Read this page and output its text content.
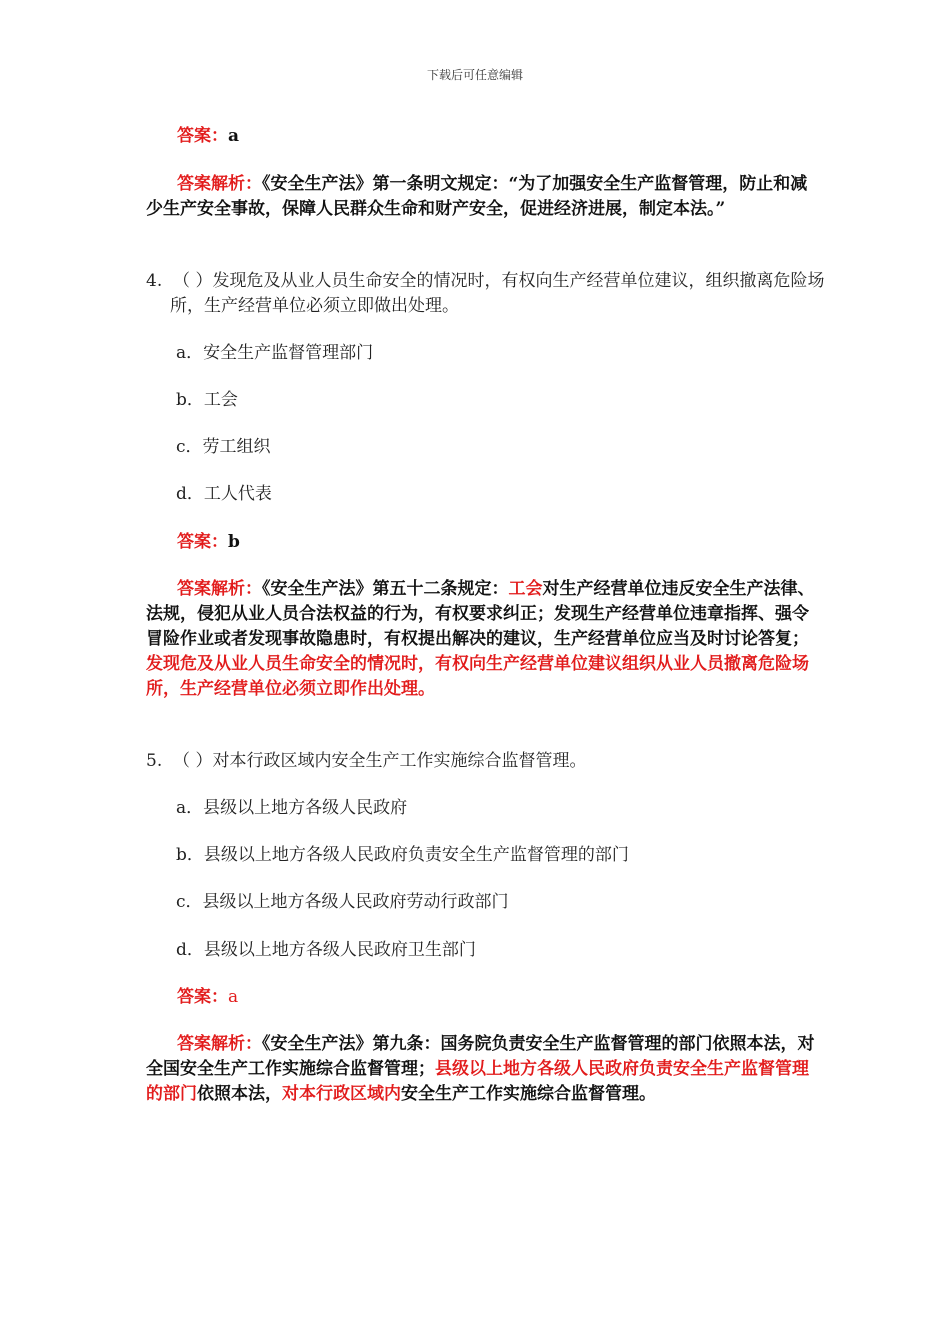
下载后可任意编辑
答案：a
答案解析：《安全生产法》第一条明文规定：“为了加强安全生产监督管理，防止和减少生产安全事故，保障人民群众生命和财产安全，促进经济进展，制定本法。”
4. （ ）发现危及从业人员生命安全的情况时，有权向生产经营单位建议，组织撤离危险场所，生产经营单位必须立即做出处理。
a．安全生产监督管理部门
b．工会
c．劳工组织
d．工人代表
答案：b
答案解析：《安全生产法》第五十二条规定：工会对生产经营单位违反安全生产法律、法规，侵犯从业人员合法权益的行为，有权要求纠正；发现生产经营单位违章指挥、强令冒险作业或者发现事故隐患时，有权提出解决的建议，生产经营单位应当及时讨论答复；发现危及从业人员生命安全的情况时，有权向生产经营单位建议组织从业人员撤离危险场所，生产经营单位必须立即作出处理。
5. （ ）对本行政区域内安全生产工作实施综合监督管理。
a．县级以上地方各级人民政府
b．县级以上地方各级人民政府负责安全生产监督管理的部门
c．县级以上地方各级人民政府劳动行政部门
d．县级以上地方各级人民政府卫生部门
答案：a
答案解析：《安全生产法》第九条：国务院负责安全生产监督管理的部门依照本法，对全国安全生产工作实施综合监督管理；县级以上地方各级人民政府负责安全生产监督管理的部门依照本法，对本行政区域内安全生产工作实施综合监督管理。
